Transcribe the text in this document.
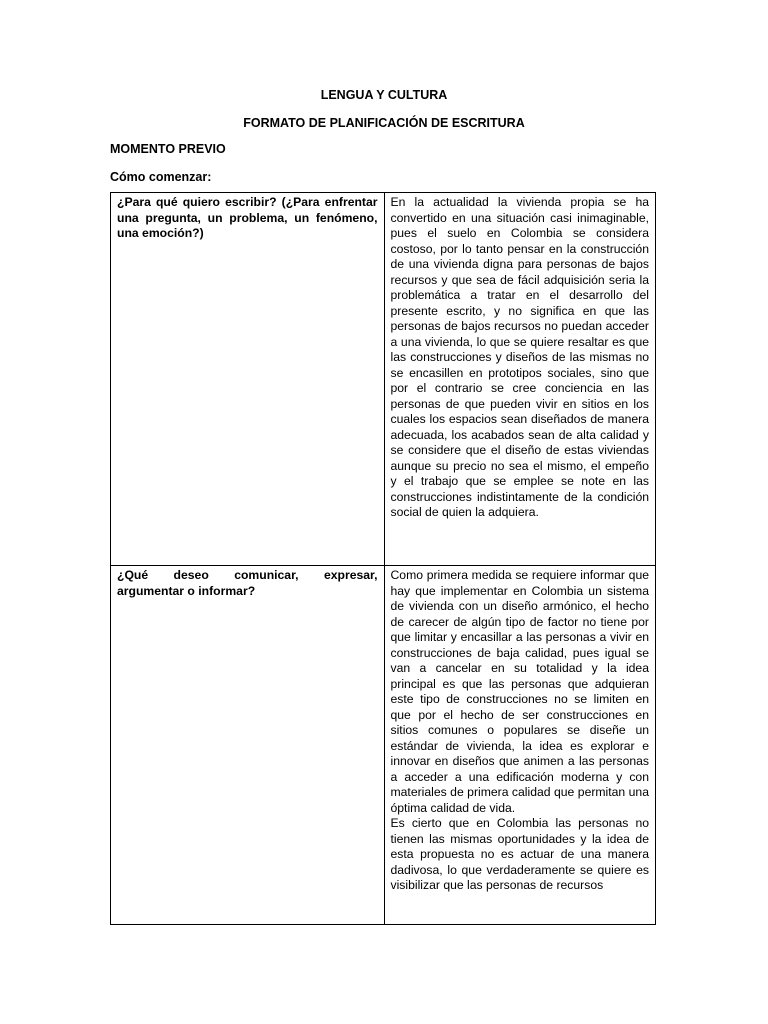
LENGUA Y CULTURA
FORMATO DE PLANIFICACIÓN DE ESCRITURA
MOMENTO PREVIO
Cómo comenzar:
¿Para qué quiero escribir? (¿Para enfrentar una pregunta, un problema, un fenómeno, una emoción?)	En la actualidad la vivienda propia se ha convertido en una situación casi inimaginable, pues el suelo en Colombia se considera costoso, por lo tanto pensar en la construcción de una vivienda digna para personas de bajos recursos y que sea de fácil adquisición seria la problemática a tratar en el desarrollo del presente escrito, y no significa en que las personas de bajos recursos no puedan acceder a una vivienda, lo que se quiere resaltar es que las construcciones y diseños de las mismas no se encasillen en prototipos sociales, sino que por el contrario se cree conciencia en las personas de que pueden vivir en sitios en los cuales los espacios sean diseñados de manera adecuada, los acabados sean de alta calidad y se considere que el diseño de estas viviendas aunque su precio no sea el mismo, el empeño y el trabajo que se emplee se note en las construcciones indistintamente de la condición social de quien la adquiera.

¿Qué deseo comunicar, expresar, argumentar o informar?	Como primera medida se requiere informar que hay que implementar en Colombia un sistema de vivienda con un diseño armónico, el hecho de carecer de algún tipo de factor no tiene por que limitar y encasillar a las personas a vivir en construcciones de baja calidad, pues igual se van a cancelar en su totalidad y la idea principal es que las personas que adquieran este tipo de construcciones no se limiten en que por el hecho de ser construcciones en sitios comunes o populares se diseñe un estándar de vivienda, la idea es explorar e innovar en diseños que animen a las personas a acceder a una edificación moderna y con materiales de primera calidad que permitan una óptima calidad de vida.

Es cierto que en Colombia las personas no tienen las mismas oportunidades y la idea de esta propuesta no es actuar de una manera dadivosa, lo que verdaderamente se quiere es visibilizar que las personas de recursos
